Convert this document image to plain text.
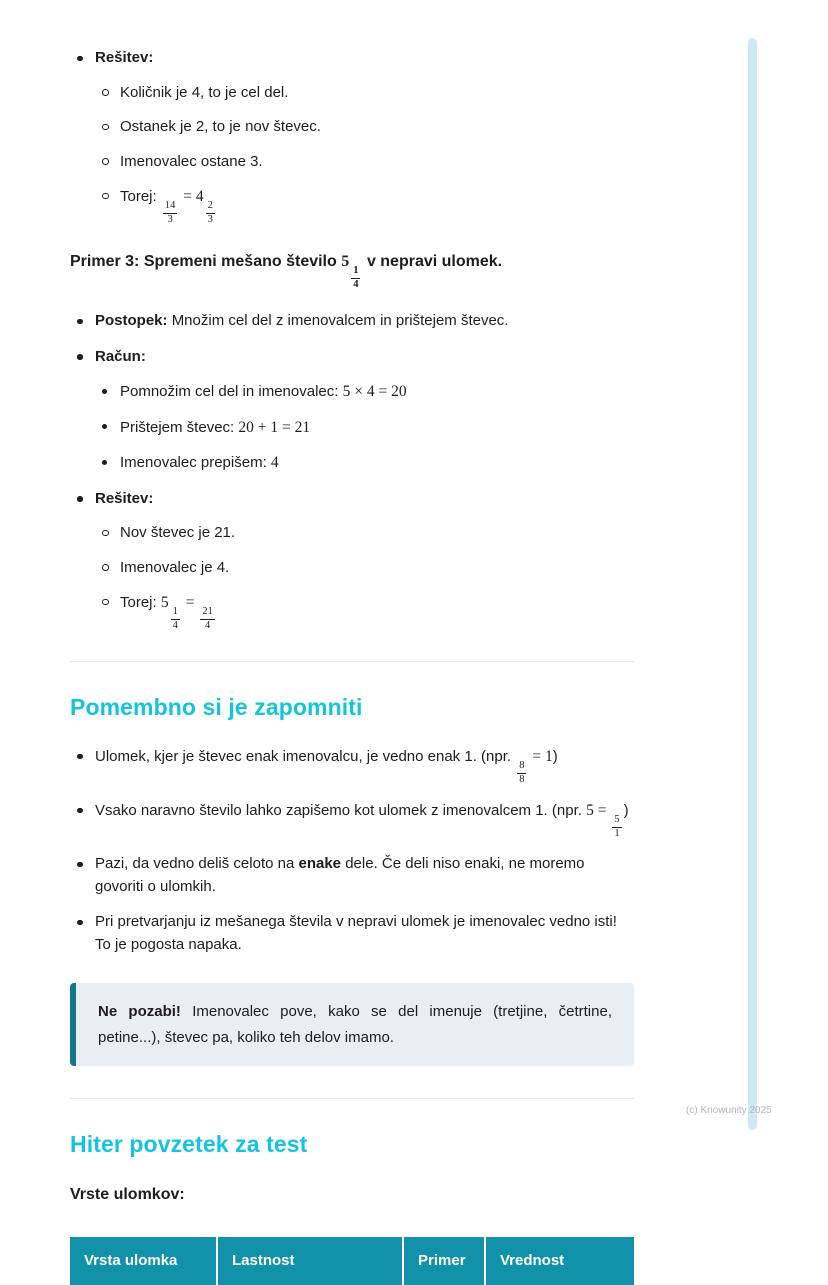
Rešitev:
Količnik je 4, to je cel del.
Ostanek je 2, to je nov števec.
Imenovalec ostane 3.
Torej:
$\frac{14}{3}$
= 4
$\frac{2}{3}$

Primer 3: Spremeni mešano število 5
$\frac{1}{4}$
v nepravi ulomek.

Postopek: Množim cel del z imenovalcem in prištejem števec.
Račun:
Pomnožim cel del in imenovalec: 5 × 4 = 20
Prištejem števec: 20 + 1 = 21
Imenovalec prepišem: 4
Rešitev:
Nov števec je 21.
Imenovalec je 4.
Torej: 5
$\frac{1}{4}$
=
$\frac{21}{4}$
Pomembno si je zapomniti
Ulomek, kjer je števec enak imenovalcu, je vedno enak 1. (npr.
$\frac{8}{8}$
= 1)
Vsako naravno število lahko zapišemo kot ulomek z imenovalcem 1. (npr. 5 =
$\frac{5}{1}$
)
Pazi, da vedno deliš celoto na enake dele. Če deli niso enaki, ne moremo govoriti o ulomkih.
Pri pretvarjanju iz mešanega števila v nepravi ulomek je imenovalec vedno isti! To je pogosta napaka.
Ne pozabi! Imenovalec pove, kako se del imenuje (tretjine, četrtine, petine...), števec pa, koliko teh delov imamo.
Hiter povzetek za test

Vrste ulomkov:

Vrsta ulomka	Lastnost	Primer	Vrednost
(c) Knowunity 2025
